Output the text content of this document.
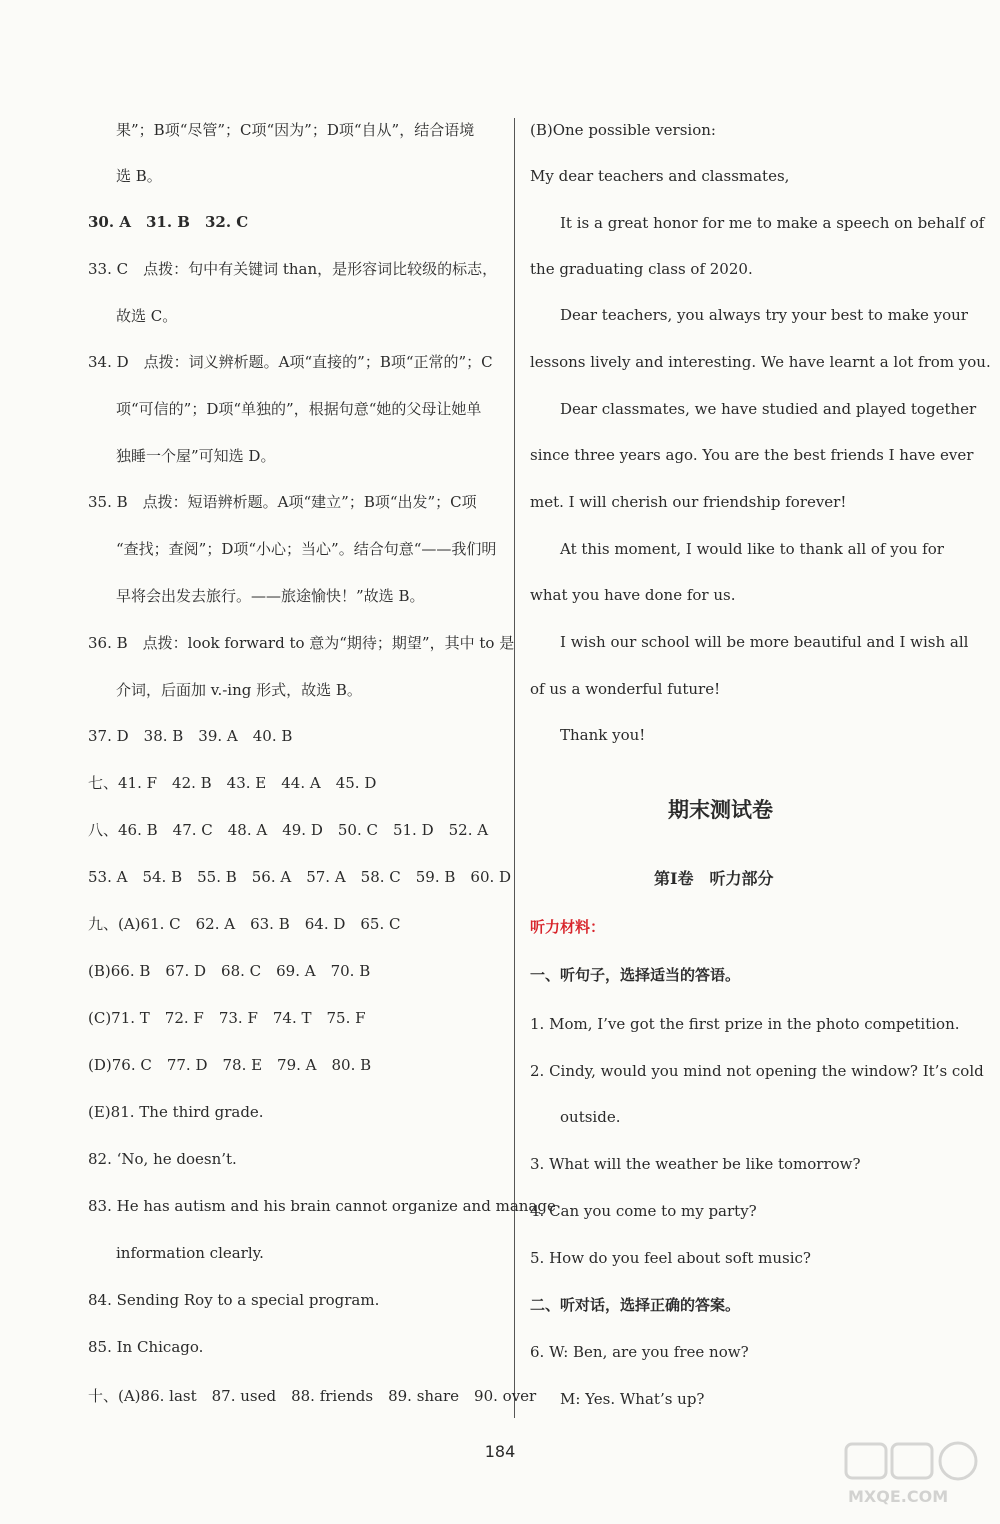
果”；B项“尽管”；C项“因为”；D项“自从”，结合语境
选 B。
30. A　31. B　32. C
33. C　点拨：句中有关键词 than，是形容词比较级的标志，
故选 C。
34. D　点拨：词义辨析题。A项“直接的”；B项“正常的”；C
项“可信的”；D项“单独的”，根据句意“她的父母让她单
独睡一个屋”可知选 D。
35. B　点拨：短语辨析题。A项“建立”；B项“出发”；C项
“查找；查阅”；D项“小心；当心”。结合句意“——我们明
早将会出发去旅行。——旅途愉快！”故选 B。
36. B　点拨：look forward to 意为“期待；期望”，其中 to 是
介词，后面加 v.-ing 形式，故选 B。
37. D　38. B　39. A　40. B
七、41. F　42. B　43. E　44. A　45. D
八、46. B　47. C　48. A　49. D　50. C　51. D　52. A
53. A　54. B　55. B　56. A　57. A　58. C　59. B　60. D
九、(A)61. C　62. A　63. B　64. D　65. C
(B)66. B　67. D　68. C　69. A　70. B
(C)71. T　72. F　73. F　74. T　75. F
(D)76. C　77. D　78. E　79. A　80. B
(E)81. The third grade.
82. ‘No, he doesn’t.
83. He has autism and his brain cannot organize and manage
information clearly.
84. Sending Roy to a special program.
85. In Chicago.
十、(A)86. last　87. used　88. friends　89. share　90. over
(B)One possible version:
My dear teachers and classmates,
It is a great honor for me to make a speech on behalf of
the graduating class of 2020.
Dear teachers, you always try your best to make your
lessons lively and interesting. We have learnt a lot from you.
Dear classmates, we have studied and played together
since three years ago. You are the best friends I have ever
met. I will cherish our friendship forever!
At this moment, I would like to thank all of you for
what you have done for us.
I wish our school will be more beautiful and I wish all
of us a wonderful future!
Thank you!
期末测试卷
第Ⅰ卷　听力部分
听力材料：
一、听句子，选择适当的答语。
1. Mom, I’ve got the first prize in the photo competition.
2. Cindy, would you mind not opening the window? It’s cold
outside.
3. What will the weather be like tomorrow?
4. Can you come to my party?
5. How do you feel about soft music?
二、听对话，选择正确的答案。
6. W: Ben, are you free now?
M: Yes. What’s up?
184
MXQE.COM
